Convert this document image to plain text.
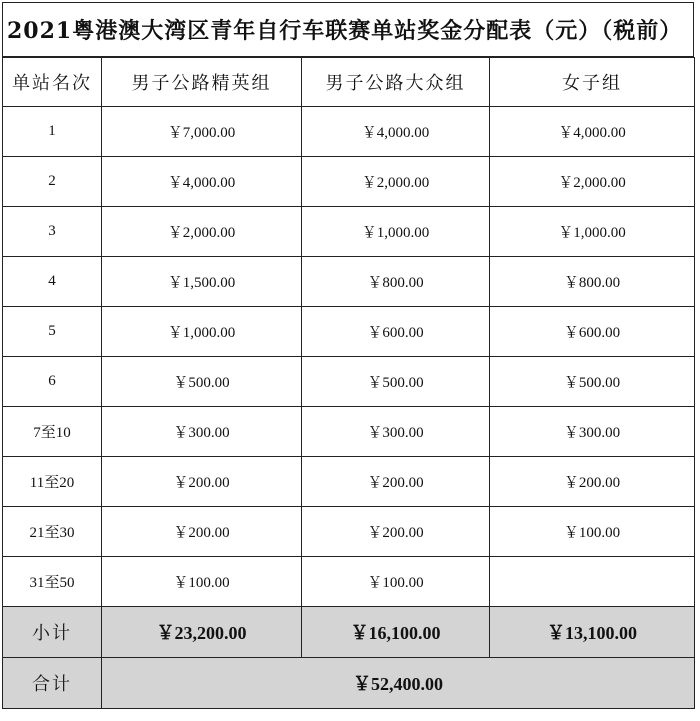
2021粤港澳大湾区青年自行车联赛单站奖金分配表（元）（税前）
单站名次	男子公路精英组	男子公路大众组	女子组
1	￥7,000.00	￥4,000.00	￥4,000.00
2	￥4,000.00	￥2,000.00	￥2,000.00
3	￥2,000.00	￥1,000.00	￥1,000.00
4	￥1,500.00	￥800.00	￥800.00
5	￥1,000.00	￥600.00	￥600.00
6	￥500.00	￥500.00	￥500.00
7至10	￥300.00	￥300.00	￥300.00
11至20	￥200.00	￥200.00	￥200.00
21至30	￥200.00	￥200.00	￥100.00
31至50	￥100.00	￥100.00	
小计	￥23,200.00	￥16,100.00	￥13,100.00
合计	￥52,400.00		
